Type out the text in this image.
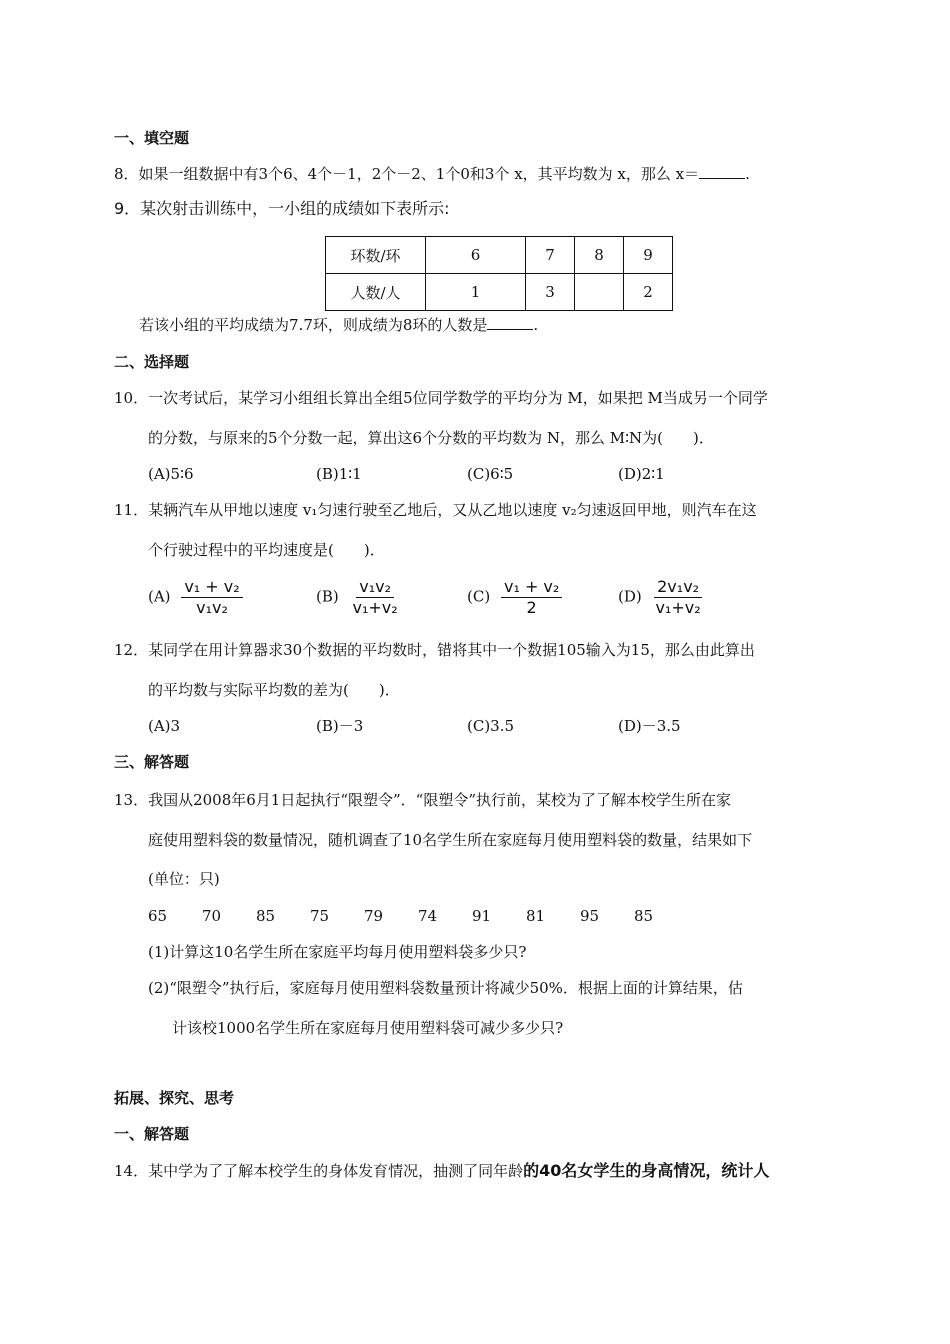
一、填空题
8．如果一组数据中有3个6、4个－1，2个－2、1个0和3个 x，其平均数为 x，那么 x＝	.
9．某次射击训练中，一小组的成绩如下表所示:
环数/环	6	7	8	9
人数/人	1	3		2
若该小组的平均成绩为7.7环，则成绩为8环的人数是	.
二、选择题
10．一次考试后，某学习小组组长算出全组5位同学数学的平均分为 M，如果把 M当成另一个同学
的分数，与原来的5个分数一起，算出这6个分数的平均数为 N，那么 M∶N为(　　)．
(A)5∶6	(B)1∶1	(C)6∶5	(D)2∶1
11．某辆汽车从甲地以速度 v₁匀速行驶至乙地后，又从乙地以速度 v₂匀速返回甲地，则汽车在这
个行驶过程中的平均速度是(　　)．
$(A) \frac{\text{v₁ + v₂}}{\text{v₁v₂}}$	$(B) \frac{\text{v₁v₂}}{\text{v₁+v₂}}$	$(C) \frac{\text{v₁ + v₂}}{2}$	$(D) \frac{\text{2v₁v₂}}{\text{v₁+v₂}}$
12．某同学在用计算器求30个数据的平均数时，错将其中一个数据105输入为15，那么由此算出
的平均数与实际平均数的差为(　　)．
(A)3	(B)－3	(C)3.5	(D)－3.5
三、解答题
13．我国从2008年6月1日起执行“限塑令”．“限塑令”执行前，某校为了了解本校学生所在家
庭使用塑料袋的数量情况，随机调查了10名学生所在家庭每月使用塑料袋的数量，结果如下
(单位：只)
65 70 85 75 79 74 91 81 95 85
(1)计算这10名学生所在家庭平均每月使用塑料袋多少只?
(2)“限塑令”执行后，家庭每月使用塑料袋数量预计将减少50%．根据上面的计算结果，估
计该校1000名学生所在家庭每月使用塑料袋可减少多少只?
拓展、探究、思考
一、解答题
14．某中学为了了解本校学生的身体发育情况，抽测了同年龄的40名女学生的身高情况，统计人
